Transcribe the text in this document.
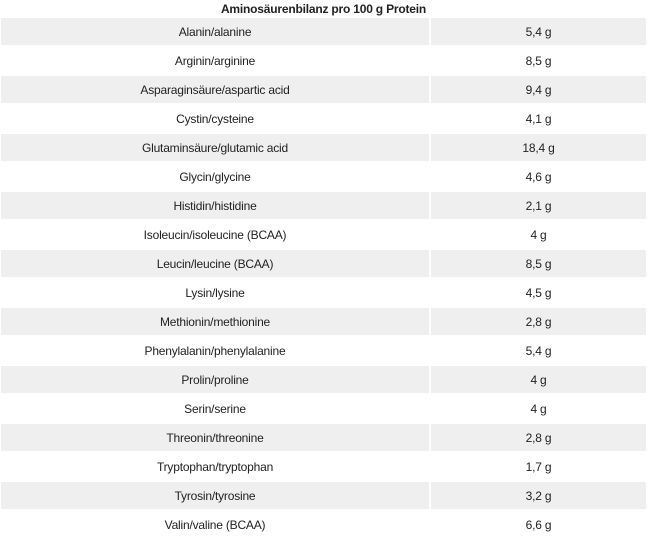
Aminosäurenbilanz pro 100 g Protein
Alanin/alanine	5,4 g
Arginin/arginine	8,5 g
Asparaginsäure/aspartic acid	9,4 g
Cystin/cysteine	4,1 g
Glutaminsäure/glutamic acid	18,4 g
Glycin/glycine	4,6 g
Histidin/histidine	2,1 g
Isoleucin/isoleucine (BCAA)	4 g
Leucin/leucine (BCAA)	8,5 g
Lysin/lysine	4,5 g
Methionin/methionine	2,8 g
Phenylalanin/phenylalanine	5,4 g
Prolin/proline	4 g
Serin/serine	4 g
Threonin/threonine	2,8 g
Tryptophan/tryptophan	1,7 g
Tyrosin/tyrosine	3,2 g
Valin/valine (BCAA)	6,6 g
